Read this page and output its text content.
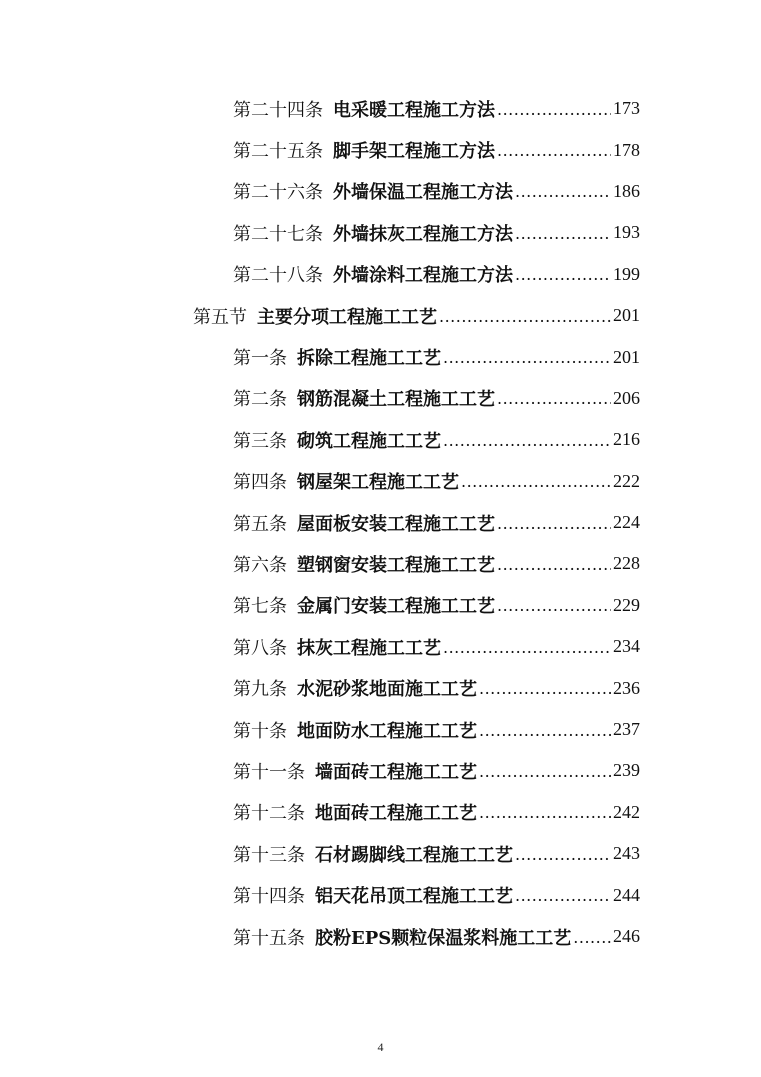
第二十四条 电采暖工程施工方法 .....	173
第二十五条 脚手架工程施工方法 .....	178
第二十六条 外墙保温工程施工方法 .....	186
第二十七条 外墙抹灰工程施工方法 .....	193
第二十八条 外墙涂料工程施工方法 .....	199
第五节 主要分项工程施工工艺 .....	201
第一条 拆除工程施工工艺 .....	201
第二条 钢筋混凝土工程施工工艺 .....	206
第三条 砌筑工程施工工艺 .....	216
第四条 钢屋架工程施工工艺 .....	222
第五条 屋面板安装工程施工工艺 .....	224
第六条 塑钢窗安装工程施工工艺 .....	228
第七条 金属门安装工程施工工艺 .....	229
第八条 抹灰工程施工工艺 .....	234
第九条 水泥砂浆地面施工工艺 .....	236
第十条 地面防水工程施工工艺 .....	237
第十一条 墙面砖工程施工工艺 .....	239
第十二条 地面砖工程施工工艺 .....	242
第十三条 石材踢脚线工程施工工艺 .....	243
第十四条 铝天花吊顶工程施工工艺 .....	244
第十五条 胶粉EPS颗粒保温浆料施工工艺 ..... 246
4
